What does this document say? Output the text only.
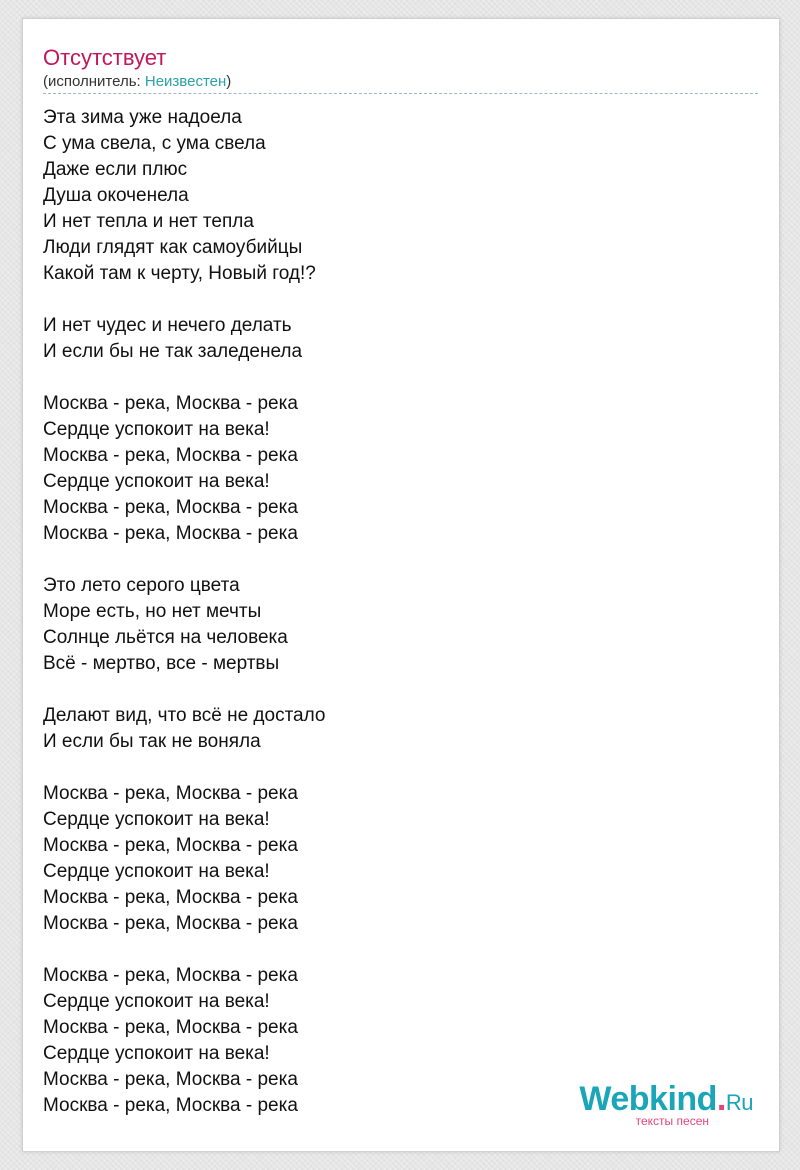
Отсутствует
(исполнитель: Неизвестен)
Эта зима уже надоела
С ума свела, с ума свела
Даже если плюс
Душа окоченела
И нет тепла и нет тепла
Люди глядят как самоубийцы
Какой там к черту, Новый год!?
И нет чудес и нечего делать
И если бы не так заледенела
Москва - река, Москва - река
Сердце успокоит на века!
Москва - река, Москва - река
Сердце успокоит на века!
Москва - река, Москва - река
Москва - река, Москва - река
Это лето серого цвета
Море есть, но нет мечты
Солнце льётся на человека
Всё - мертво, все - мертвы
Делают вид, что всё не достало
И если бы так не воняла
Москва - река, Москва - река
Сердце успокоит на века!
Москва - река, Москва - река
Сердце успокоит на века!
Москва - река, Москва - река
Москва - река, Москва - река
Москва - река, Москва - река
Сердце успокоит на века!
Москва - река, Москва - река
Сердце успокоит на века!
Москва - река, Москва - река
Москва - река, Москва - река	Webkind.Ru
тексты песен
